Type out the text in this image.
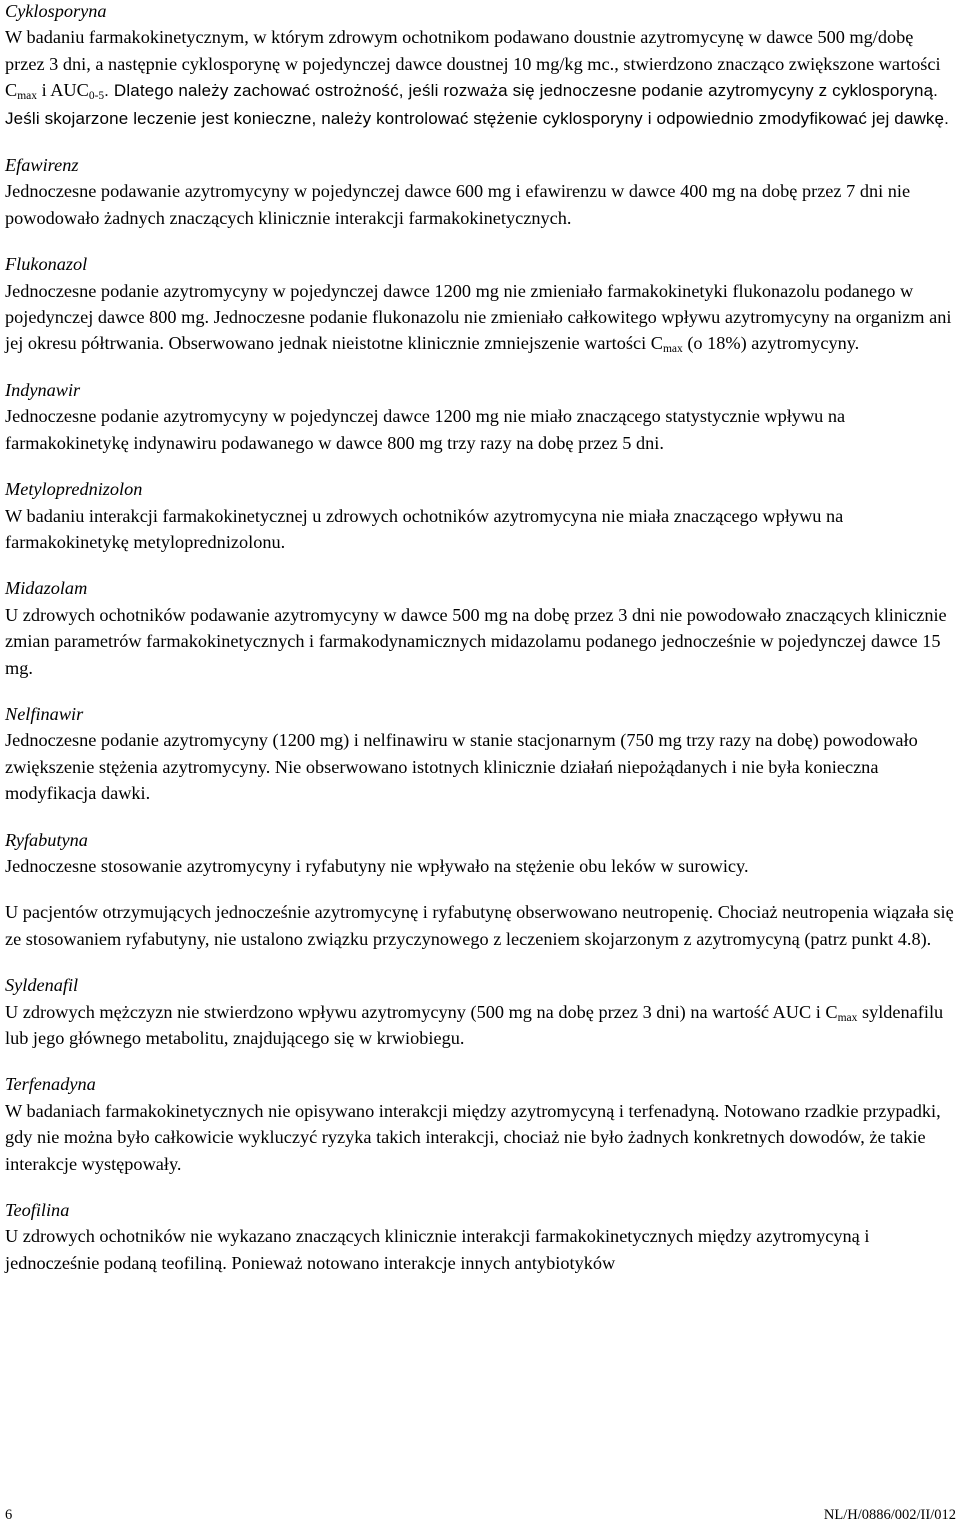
Cyklosporyna

W badaniu farmakokinetycznym, w którym zdrowym ochotnikom podawano doustnie azytromycynę w dawce 500 mg/dobę przez 3 dni, a następnie cyklosporynę w pojedynczej dawce doustnej 10 mg/kg mc., stwierdzono znacząco zwiększone wartości $C_{max}$ i $AUC_{0-5}$. Dlatego należy zachować ostrożność, jeśli rozważa się jednoczesne podanie azytromycyny z cyklosporyną. Jeśli skojarzone leczenie jest konieczne, należy kontrolować stężenie cyklosporyny i odpowiednio zmodyfikować jej dawkę.

Efawirenz

Jednoczesne podawanie azytromycyny w pojedynczej dawce 600 mg i efawirenzu w dawce 400 mg na dobę przez 7 dni nie powodowało żadnych znaczących klinicznie interakcji farmakokinetycznych.

Flukonazol

Jednoczesne podanie azytromycyny w pojedynczej dawce 1200 mg nie zmieniało farmakokinetyki flukonazolu podanego w pojedynczej dawce 800 mg. Jednoczesne podanie flukonazolu nie zmieniało całkowitego wpływu azytromycyny na organizm ani jej okresu półtrwania. Obserwowano jednak nieistotne klinicznie zmniejszenie wartości $C_{max}$ (o 18%) azytromycyny.

Indynawir

Jednoczesne podanie azytromycyny w pojedynczej dawce 1200 mg nie miało znaczącego statystycznie wpływu na farmakokinetykę indynawiru podawanego w dawce 800 mg trzy razy na dobę przez 5 dni.

Metyloprednizolon

W badaniu interakcji farmakokinetycznej u zdrowych ochotników azytromycyna nie miała znaczącego wpływu na farmakokinetykę metyloprednizolonu.

Midazolam

U zdrowych ochotników podawanie azytromycyny w dawce 500 mg na dobę przez 3 dni nie powodowało znaczących klinicznie zmian parametrów farmakokinetycznych i farmakodynamicznych midazolamu podanego jednocześnie w pojedynczej dawce 15 mg.

Nelfinawir

Jednoczesne podanie azytromycyny (1200 mg) i nelfinawiru w stanie stacjonarnym (750 mg trzy razy na dobę) powodowało zwiększenie stężenia azytromycyny. Nie obserwowano istotnych klinicznie działań niepożądanych i nie była konieczna modyfikacja dawki.

Ryfabutyna

Jednoczesne stosowanie azytromycyny i ryfabutyny nie wpływało na stężenie obu leków w surowicy.

U pacjentów otrzymujących jednocześnie azytromycynę i ryfabutynę obserwowano neutropenię. Chociaż neutropenia wiązała się ze stosowaniem ryfabutyny, nie ustalono związku przyczynowego z leczeniem skojarzonym z azytromycyną (patrz punkt 4.8).

Syldenafil

U zdrowych mężczyzn nie stwierdzono wpływu azytromycyny (500 mg na dobę przez 3 dni) na wartość AUC i $C_{max}$ syldenafilu lub jego głównego metabolitu, znajdującego się w krwiobiegu.

Terfenadyna

W badaniach farmakokinetycznych nie opisywano interakcji między azytromycyną i terfenadyną. Notowano rzadkie przypadki, gdy nie można było całkowicie wykluczyć ryzyka takich interakcji, chociaż nie było żadnych konkretnych dowodów, że takie interakcje występowały.

Teofilina

U zdrowych ochotników nie wykazano znaczących klinicznie interakcji farmakokinetycznych między azytromycyną i jednocześnie podaną teofiliną. Ponieważ notowano interakcje innych antybiotyków

6	NL/H/0886/002/II/012
